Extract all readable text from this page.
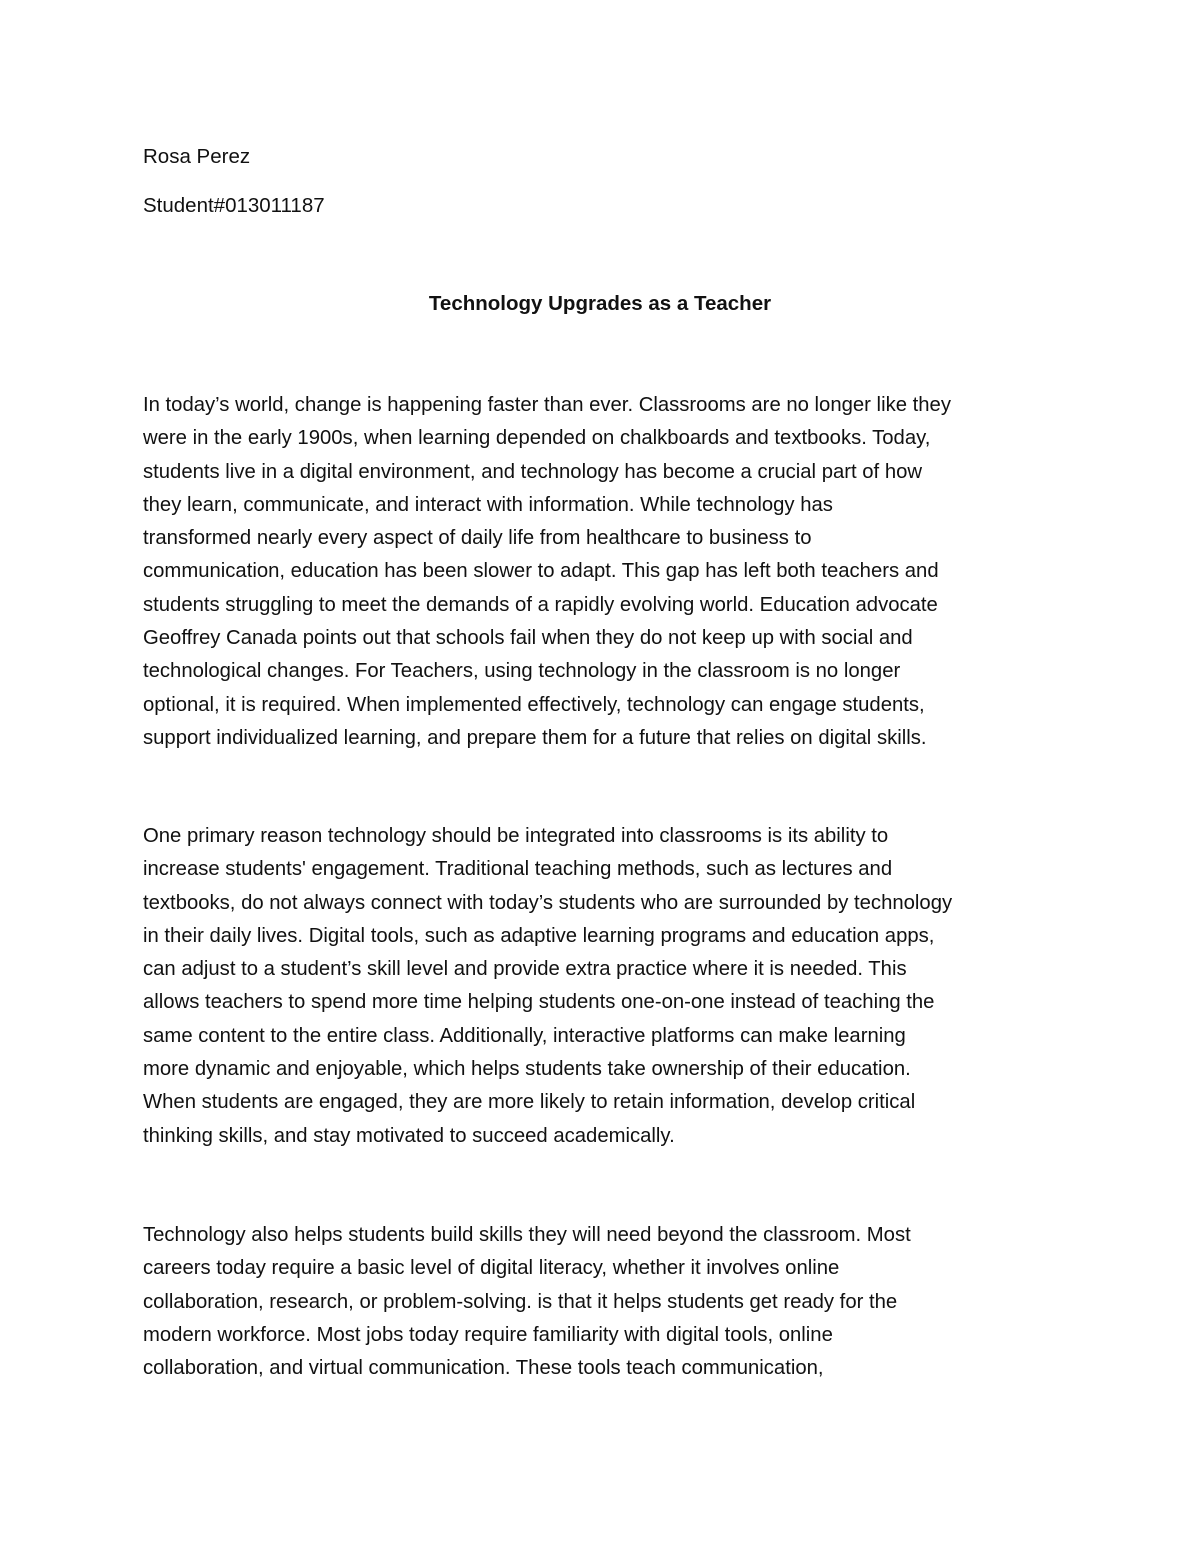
Rosa Perez
Student#013011187
Technology Upgrades as a Teacher
In today’s world, change is happening faster than ever. Classrooms are no longer like they
were in the early 1900s, when learning depended on chalkboards and textbooks. Today,
students live in a digital environment, and technology has become a crucial part of how
they learn, communicate, and interact with information. While technology has
transformed nearly every aspect of daily life from healthcare to business to
communication, education has been slower to adapt. This gap has left both teachers and
students struggling to meet the demands of a rapidly evolving world. Education advocate
Geoffrey Canada points out that schools fail when they do not keep up with social and
technological changes. For Teachers, using technology in the classroom is no longer
optional, it is required. When implemented effectively, technology can engage students,
support individualized learning, and prepare them for a future that relies on digital skills.
One primary reason technology should be integrated into classrooms is its ability to
increase students' engagement. Traditional teaching methods, such as lectures and
textbooks, do not always connect with today’s students who are surrounded by technology
in their daily lives. Digital tools, such as adaptive learning programs and education apps,
can adjust to a student’s skill level and provide extra practice where it is needed. This
allows teachers to spend more time helping students one-on-one instead of teaching the
same content to the entire class. Additionally, interactive platforms can make learning
more dynamic and enjoyable, which helps students take ownership of their education.
When students are engaged, they are more likely to retain information, develop critical
thinking skills, and stay motivated to succeed academically.
Technology also helps students build skills they will need beyond the classroom. Most
careers today require a basic level of digital literacy, whether it involves online
collaboration, research, or problem-solving. is that it helps students get ready for the
modern workforce. Most jobs today require familiarity with digital tools, online
collaboration, and virtual communication. These tools teach communication,
